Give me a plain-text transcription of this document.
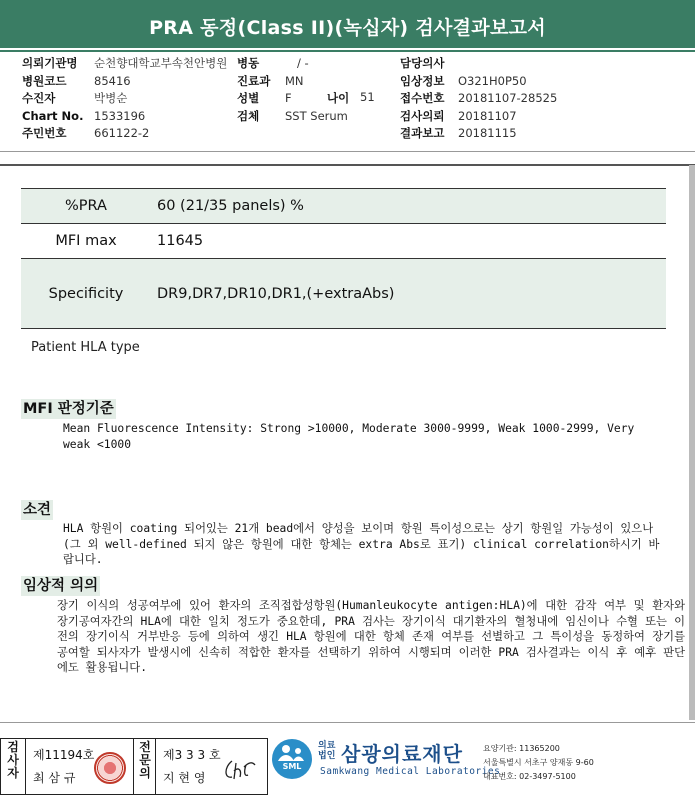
PRA 동정(Class II)(녹십자) 검사결과보고서
의뢰기관명	순천향대학교부속천안병원
병원코드	85416
수진자	박병순
Chart No. 1533196
주민번호	661122-2
병동	/ -
진료과	MN
성별	F
검체	SST Serum
나이 51
담당의사
임상정보	O321H0P50
접수번호	20181107-28525
검사의뢰	20181107
결과보고	20181115
%PRA	60 (21/35 panels) %
MFI max	11645
Specificity	DR9,DR7,DR10,DR1,(+extraAbs)
Patient HLA type
MFI 판정기준
Mean Fluorescence Intensity: Strong >10000, Moderate 3000-9999, Weak 1000-2999, Very weak <1000
소견
HLA 항원이 coating 되어있는 21개 bead에서 양성을 보이며 항원 특이성으로는 상기 항원일 가능성이 있으나(그 외 well-defined 되지 않은 항원에 대한 항체는 extra Abs로 표기) clinical correlation하시기 바랍니다.
임상적 의의
장기 이식의 성공여부에 있어 환자의 조직접합성항원(Humanleukocyte antigen:HLA)에 대한 감작 여부 및 환자와 장기공여자간의 HLA에 대한 일치 정도가 중요한데, PRA 검사는 장기이식 대기환자의 혈청내에 임신이나 수혈 또는 이전의 장기이식 거부반응 등에 의하여 생긴 HLA 항원에 대한 항체 존재 여부를 선별하고 그 특이성을 동정하여 장기를 공여할 되사자가 발생시에 신속히 적합한 환자를 선택하기 위하여 시행되며 이러한 PRA 검사결과는 이식 후 예후 판단에도 활용됩니다.
검사자
제11194호
최 삼 규
전문의
제3 3 3 호
지 현 영
SML
의료법인 삼광의료재단
Samkwang Medical Laboratories
요양기관: 11365200
서울특별시 서초구 양재동 9-60
대표번호: 02-3497-5100
